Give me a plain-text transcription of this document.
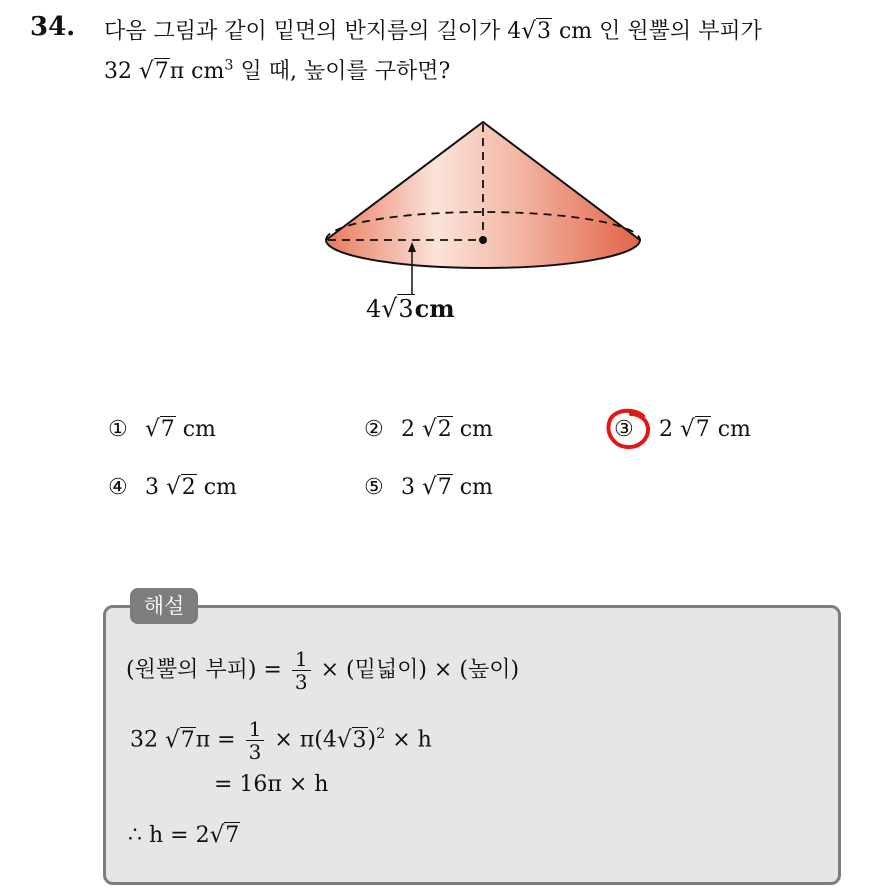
34. 다음 그림과 같이 밑면의 반지름의 길이가 4√3 cm 인 원뿔의 부피가
32 √7π $cm^3$ 일 때, 높이를 구하면?
4√3cm
① √7 cm	② 2 √2 cm	③ 2 √7 cm
④ 3 √2 cm	⑤ 3 √7 cm
해설
(원뿔의 부피) = $\frac{1}{3}$ × (밑넓이) × (높이)
32 $√7\pi = \frac{1}{3} \times \pi(4√3)^2 \times h$
= 16π × h
∴ h = 2√7
